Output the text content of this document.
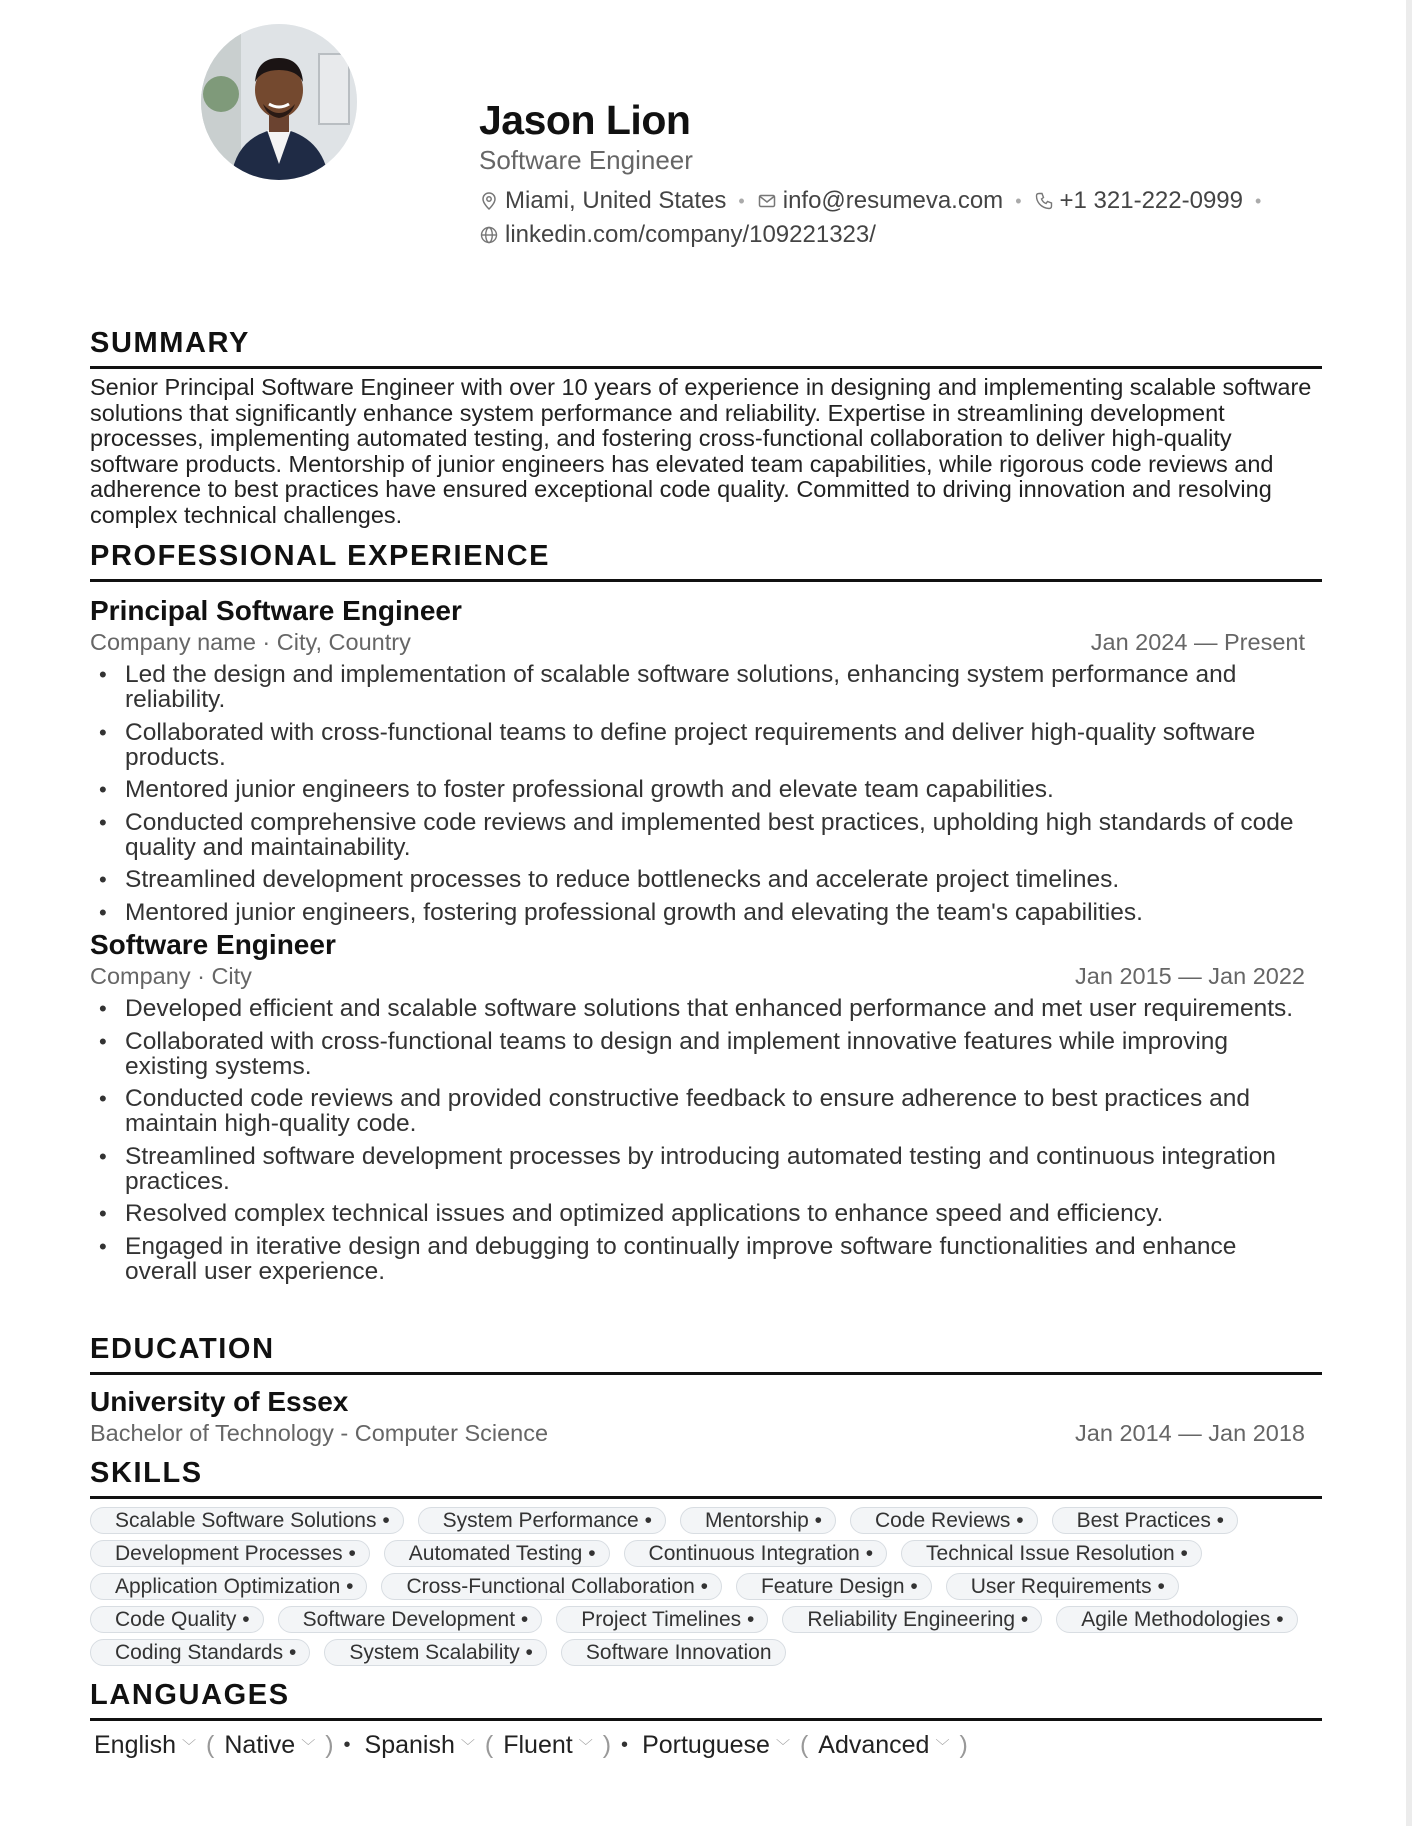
Jason Lion
Software Engineer
Miami, United States • info@resumeva.com • +1 321-222-0999 •
linkedin.com/company/109221323/
SUMMARY
Senior Principal Software Engineer with over 10 years of experience in designing and implementing scalable software solutions that significantly enhance system performance and reliability. Expertise in streamlining development processes, implementing automated testing, and fostering cross-functional collaboration to deliver high-quality software products. Mentorship of junior engineers has elevated team capabilities, while rigorous code reviews and adherence to best practices have ensured exceptional code quality. Committed to driving innovation and resolving complex technical challenges.
PROFESSIONAL EXPERIENCE
Principal Software Engineer
Company name · City, Country	Jan 2024 — Present
• Led the design and implementation of scalable software solutions, enhancing system performance and reliability.
• Collaborated with cross-functional teams to define project requirements and deliver high-quality software products.
• Mentored junior engineers to foster professional growth and elevate team capabilities.
• Conducted comprehensive code reviews and implemented best practices, upholding high standards of code quality and maintainability.
• Streamlined development processes to reduce bottlenecks and accelerate project timelines.
• Mentored junior engineers, fostering professional growth and elevating the team's capabilities.
Software Engineer
Company · City	Jan 2015 — Jan 2022
• Developed efficient and scalable software solutions that enhanced performance and met user requirements.
• Collaborated with cross-functional teams to design and implement innovative features while improving existing systems.
• Conducted code reviews and provided constructive feedback to ensure adherence to best practices and maintain high-quality code.
• Streamlined software development processes by introducing automated testing and continuous integration practices.
• Resolved complex technical issues and optimized applications to enhance speed and efficiency.
• Engaged in iterative design and debugging to continually improve software functionalities and enhance overall user experience.
EDUCATION
University of Essex
Bachelor of Technology - Computer Science	Jan 2014 — Jan 2018
SKILLS
Scalable Software Solutions •	System Performance •	Mentorship •	Code Reviews •	Best Practices •
Development Processes •	Automated Testing •	Continuous Integration •	Technical Issue Resolution •
Application Optimization •	Cross-Functional Collaboration •	Feature Design •	User Requirements •
Code Quality •	Software Development •	Project Timelines •	Reliability Engineering •	Agile Methodologies •
Coding Standards •	System Scalability •	Software Innovation
LANGUAGES
English ﹀ ( Native ﹀ ) • Spanish ﹀ ( Fluent ﹀ ) • Portuguese ﹀ ( Advanced ﹀ )
